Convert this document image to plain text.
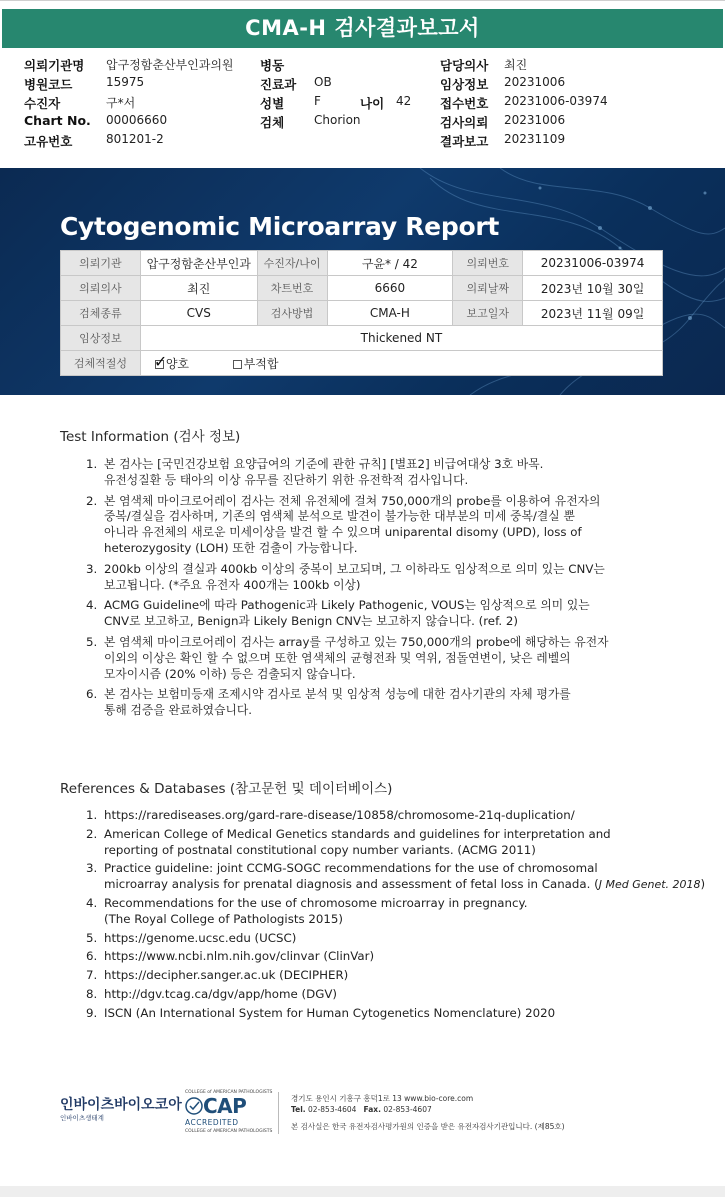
CMA-H 검사결과보고서
의뢰기관명 압구정함춘산부인과의원 병동	담당의사 최진
병원코드	15975	진료과 OB	임상정보 20231006
수진자	구*서	성별 F	나이 42 접수번호 20231006-03974
Chart No. 00006660	검체 Chorion	검사의뢰 20231006
고유번호	801201-2	결과보고 20231109
Cytogenomic Microarray Report
의뢰기관	압구정함춘산부인과	수진자/나이	구윤* / 42	의뢰번호	20231006-03974
의뢰의사	최진	차트번호	6660	의뢰날짜	2023년 10월 30일
검체종류	CVS	검사방법	CMA-H	보고일자	2023년 11월 09일
임상정보	Thickened NT				
검체적절성	✓
양호 부적합				
Test Information (검사 정보)
1. 본 검사는 [국민건강보험 요양급여의 기준에 관한 규칙] [별표2] 비급여대상 3호 바목.
유전성질환 등 태아의 이상 유무를 진단하기 위한 유전학적 검사입니다.
2. 본 염색체 마이크로어레이 검사는 전체 유전체에 걸쳐 750,000개의 probe를 이용하여 유전자의
중복/결실을 검사하며, 기존의 염색체 분석으로 발견이 불가능한 대부분의 미세 중복/결실 뿐
아니라 유전체의 새로운 미세이상을 발견 할 수 있으며 uniparental disomy (UPD), loss of
heterozygosity (LOH) 또한 검출이 가능합니다.
3. 200kb 이상의 결실과 400kb 이상의 중복이 보고되며, 그 이하라도 임상적으로 의미 있는 CNV는
보고됩니다. (*주요 유전자 400개는 100kb 이상)
4. ACMG Guideline에 따라 Pathogenic과 Likely Pathogenic, VOUS는 임상적으로 의미 있는
CNV로 보고하고, Benign과 Likely Benign CNV는 보고하지 않습니다. (ref. 2)
5. 본 염색체 마이크로어레이 검사는 array를 구성하고 있는 750,000개의 probe에 해당하는 유전자
이외의 이상은 확인 할 수 없으며 또한 염색체의 균형전좌 및 역위, 점돌연변이, 낮은 레벨의
모자이시즘 (20% 이하) 등은 검출되지 않습니다.
6. 본 검사는 보험미등재 조제시약 검사로 분석 및 임상적 성능에 대한 검사기관의 자체 평가를
통해 검증을 완료하였습니다.
References & Databases (참고문헌 및 데이터베이스)
1. https://rarediseases.org/gard-rare-disease/10858/chromosome-21q-duplication/
2. American College of Medical Genetics standards and guidelines for interpretation and
reporting of postnatal constitutional copy number variants. (ACMG 2011)
3. Practice guideline: joint CCMG-SOGC recommendations for the use of chromosomal
microarray analysis for prenatal diagnosis and assessment of fetal loss in Canada. (J Med Genet. 2018)
4. Recommendations for the use of chromosome microarray in pregnancy.
(The Royal College of Pathologists 2015)
5. https://genome.ucsc.edu (UCSC)
6. https://www.ncbi.nlm.nih.gov/clinvar (ClinVar)
7. https://decipher.sanger.ac.uk (DECIPHER)
8. http://dgv.tcag.ca/dgv/app/home (DGV)
9. ISCN (An International System for Human Cytogenetics Nomenclature) 2020
인바이츠바이오코아
인바이츠생태계
COLLEGE of AMERICAN PATHOLOGISTS
CAP
ACCREDITED
COLLEGE of AMERICAN PATHOLOGISTS
경기도 용인시 기흥구 흥덕1로 13 www.bio-core.com
Tel. 02-853-4604 Fax. 02-853-4607
본 검사실은 한국 유전자검사평가원의 인증을 받은 유전자검사기관입니다. (제85호)
